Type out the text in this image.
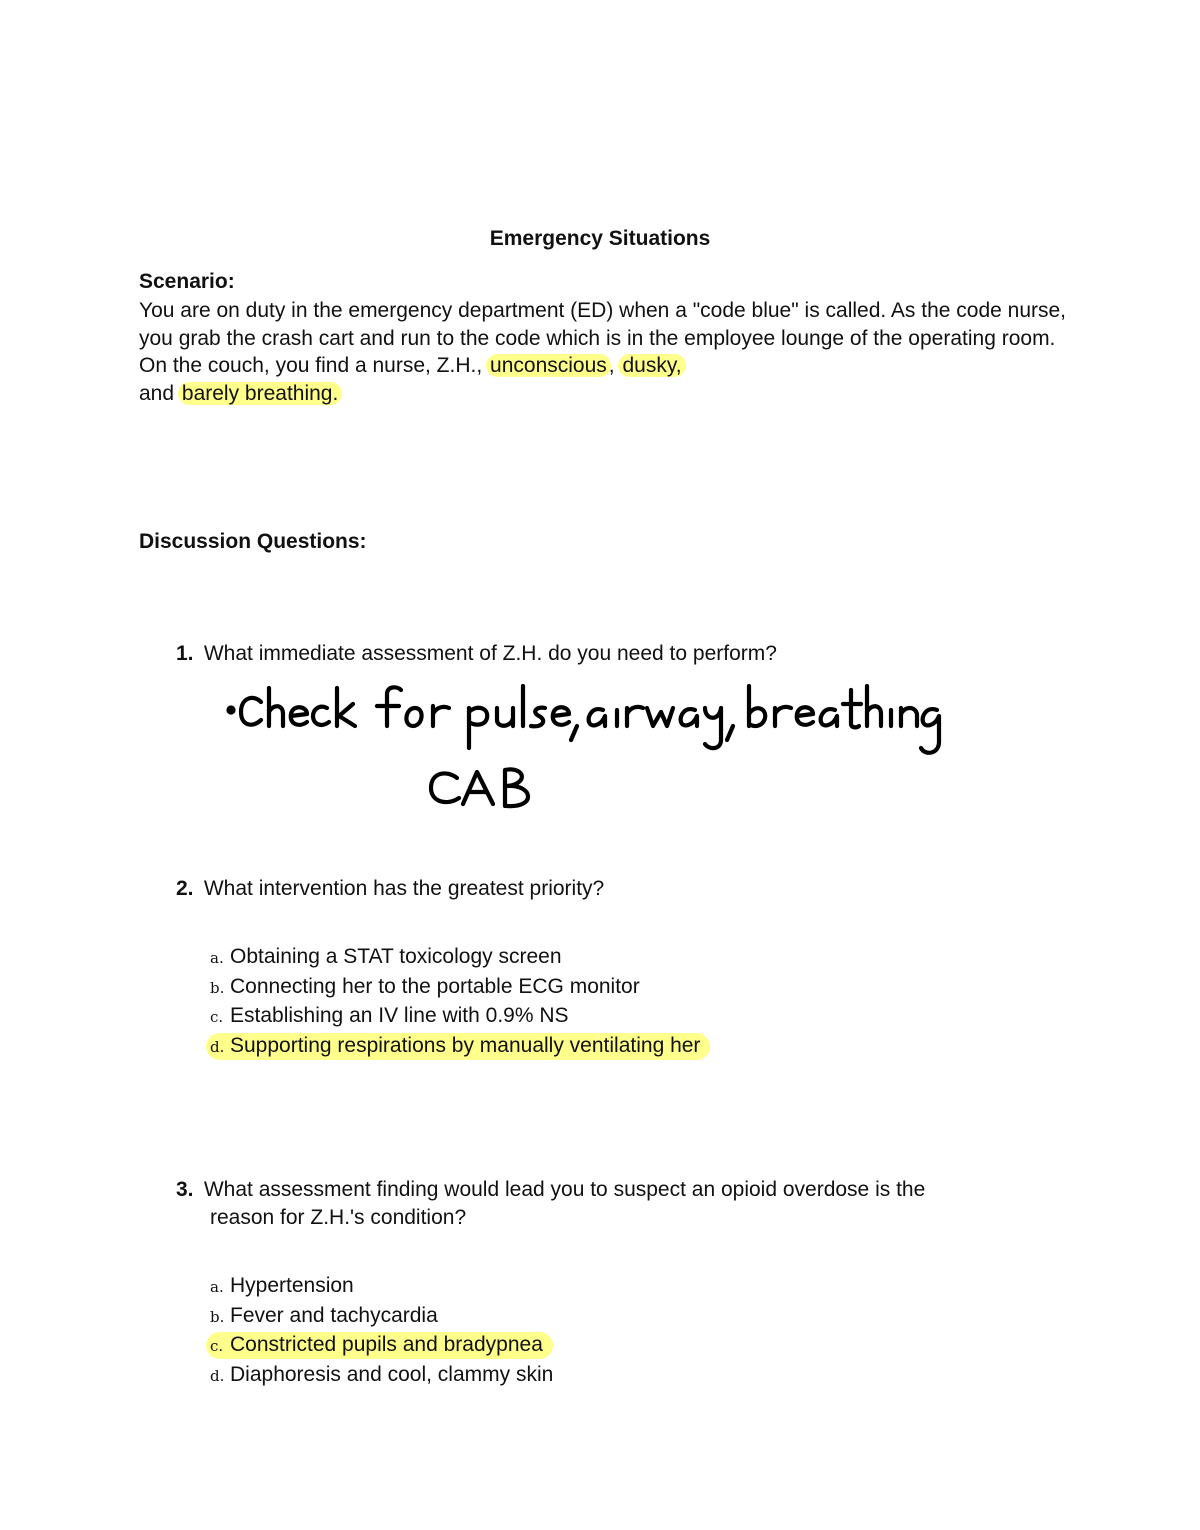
Emergency Situations
Scenario:
You are on duty in the emergency department (ED) when a "code blue" is called. As the code nurse, you grab the crash cart and run to the code which is in the employee lounge of the operating room. On the couch, you find a nurse, Z.H., unconscious, dusky,
and barely breathing.
Discussion Questions:
1. What immediate assessment of Z.H. do you need to perform?
2. What intervention has the greatest priority?
a. Obtaining a STAT toxicology screen
b. Connecting her to the portable ECG monitor
c. Establishing an IV line with 0.9% NS
d. Supporting respirations by manually ventilating her
3. What assessment finding would lead you to suspect an opioid overdose is the
reason for Z.H.'s condition?
a. Hypertension
b. Fever and tachycardia
c. Constricted pupils and bradypnea
d. Diaphoresis and cool, clammy skin
